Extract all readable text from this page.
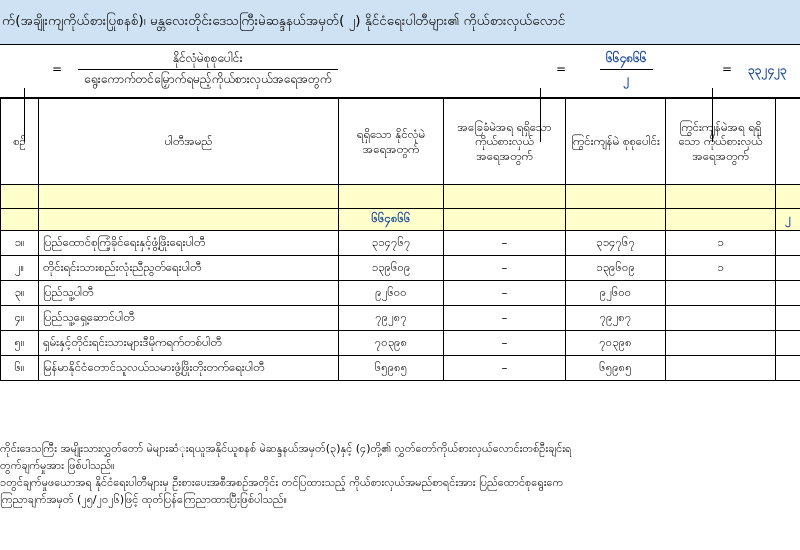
က်(အချိုးကျကိုယ်စားပြုစနစ်)၊ မန္တလေးတိုင်းဒေသကြီးမဲဆန္ဒနယ်အမှတ်( ၂) နိုင်ငံရေးပါတီများ၏ ကိုယ်စားလှယ်လောင်
= $\frac{\text{နိုင်လုံမဲစုစုပေါင်း}}{\text{ရွေးကောက်တင်မြှောက်ရမည့်ကိုယ်စားလှယ်အရေအတွက်}}$	=	$\frac{၆၆၄၈၆၆}{၂}$	= ၃၃၂၄၂၃
စဉ်	ပါတီအမည်	ရရှိသော နိုင်လုံမဲ အရေအတွက်	အခြေခံမဲအရ ရရှိသော ကိုယ်စားလှယ် အရေအတွက်	ကြွင်းကျန်မဲ စုစုပေါင်း	ကြွင်းကျန်မဲအရ ရရှိသော ကိုယ်စားလှယ် အရေအတွက်	

		၆၆၄၈၆၆				၂
၁။	ပြည်ထောင်စုကြံ့ခိုင်ရေးနှင့်ဖွံ့ဖြိုးရေးပါတီ	၃၁၄၇၆၇	–	၃၁၄၇၆၇	၁	
၂။	တိုင်းရင်းသားစည်းလုံးညီညွတ်ရေးပါတီ	၁၃၉၆၀၉	–	၁၃၉၆၀၉	၁	
၃။	ပြည်သူ့ပါတီ	၉၂၆၀၀	–	၉၂၆၀၀		
၄။	ပြည်သူ့ရှေ့ဆောင်ပါတီ	၇၉၂၈၇	–	၇၉၂၈၇		
၅။	ရှမ်းနှင့်တိုင်းရင်းသားများဒီမိုကရက်တစ်ပါတီ	၇၀၃၉၈	–	၇၀၃၉၈		
၆။	မြန်မာနိုင်ငံတောင်သူလယ်သမားဖွံ့ဖြိုးတိုးတက်ရေးပါတီ	၆၅၉၈၅	–	၆၅၉၈၅		
ကိုင်းဒေသကြီး အမျိုးသားလွှတ်တော် မဲများဆံုးရယူအနိုင်ယူစနစ် မဲဆန္ဒနယ်အမှတ်(၃)နှင့် (၄)တို့၏ လွှတ်တော်ကိုယ်စားလှယ်လောင်းတစ်ဦးချင်းရ
တွက်ချက်မှုအား ဖြစ်ပါသည်။
၁တွင်ချက်မှုဖယောအရ နိုင်ငံရေးပါတီများမှ ဦးစားပေးအစီအစဉ်အတိုင်း တင်ပြထားသည့် ကိုယ်စားလှယ်အမည်စာရင်းအား ပြည်ထောင်စုရွေးကေ
ကြညာချက်အမှတ် (၂၅/၂၀၂၆)ဖြင့် ထုတ်ပြန်ကြေညာထားပြီးဖြစ်ပါသည်။
